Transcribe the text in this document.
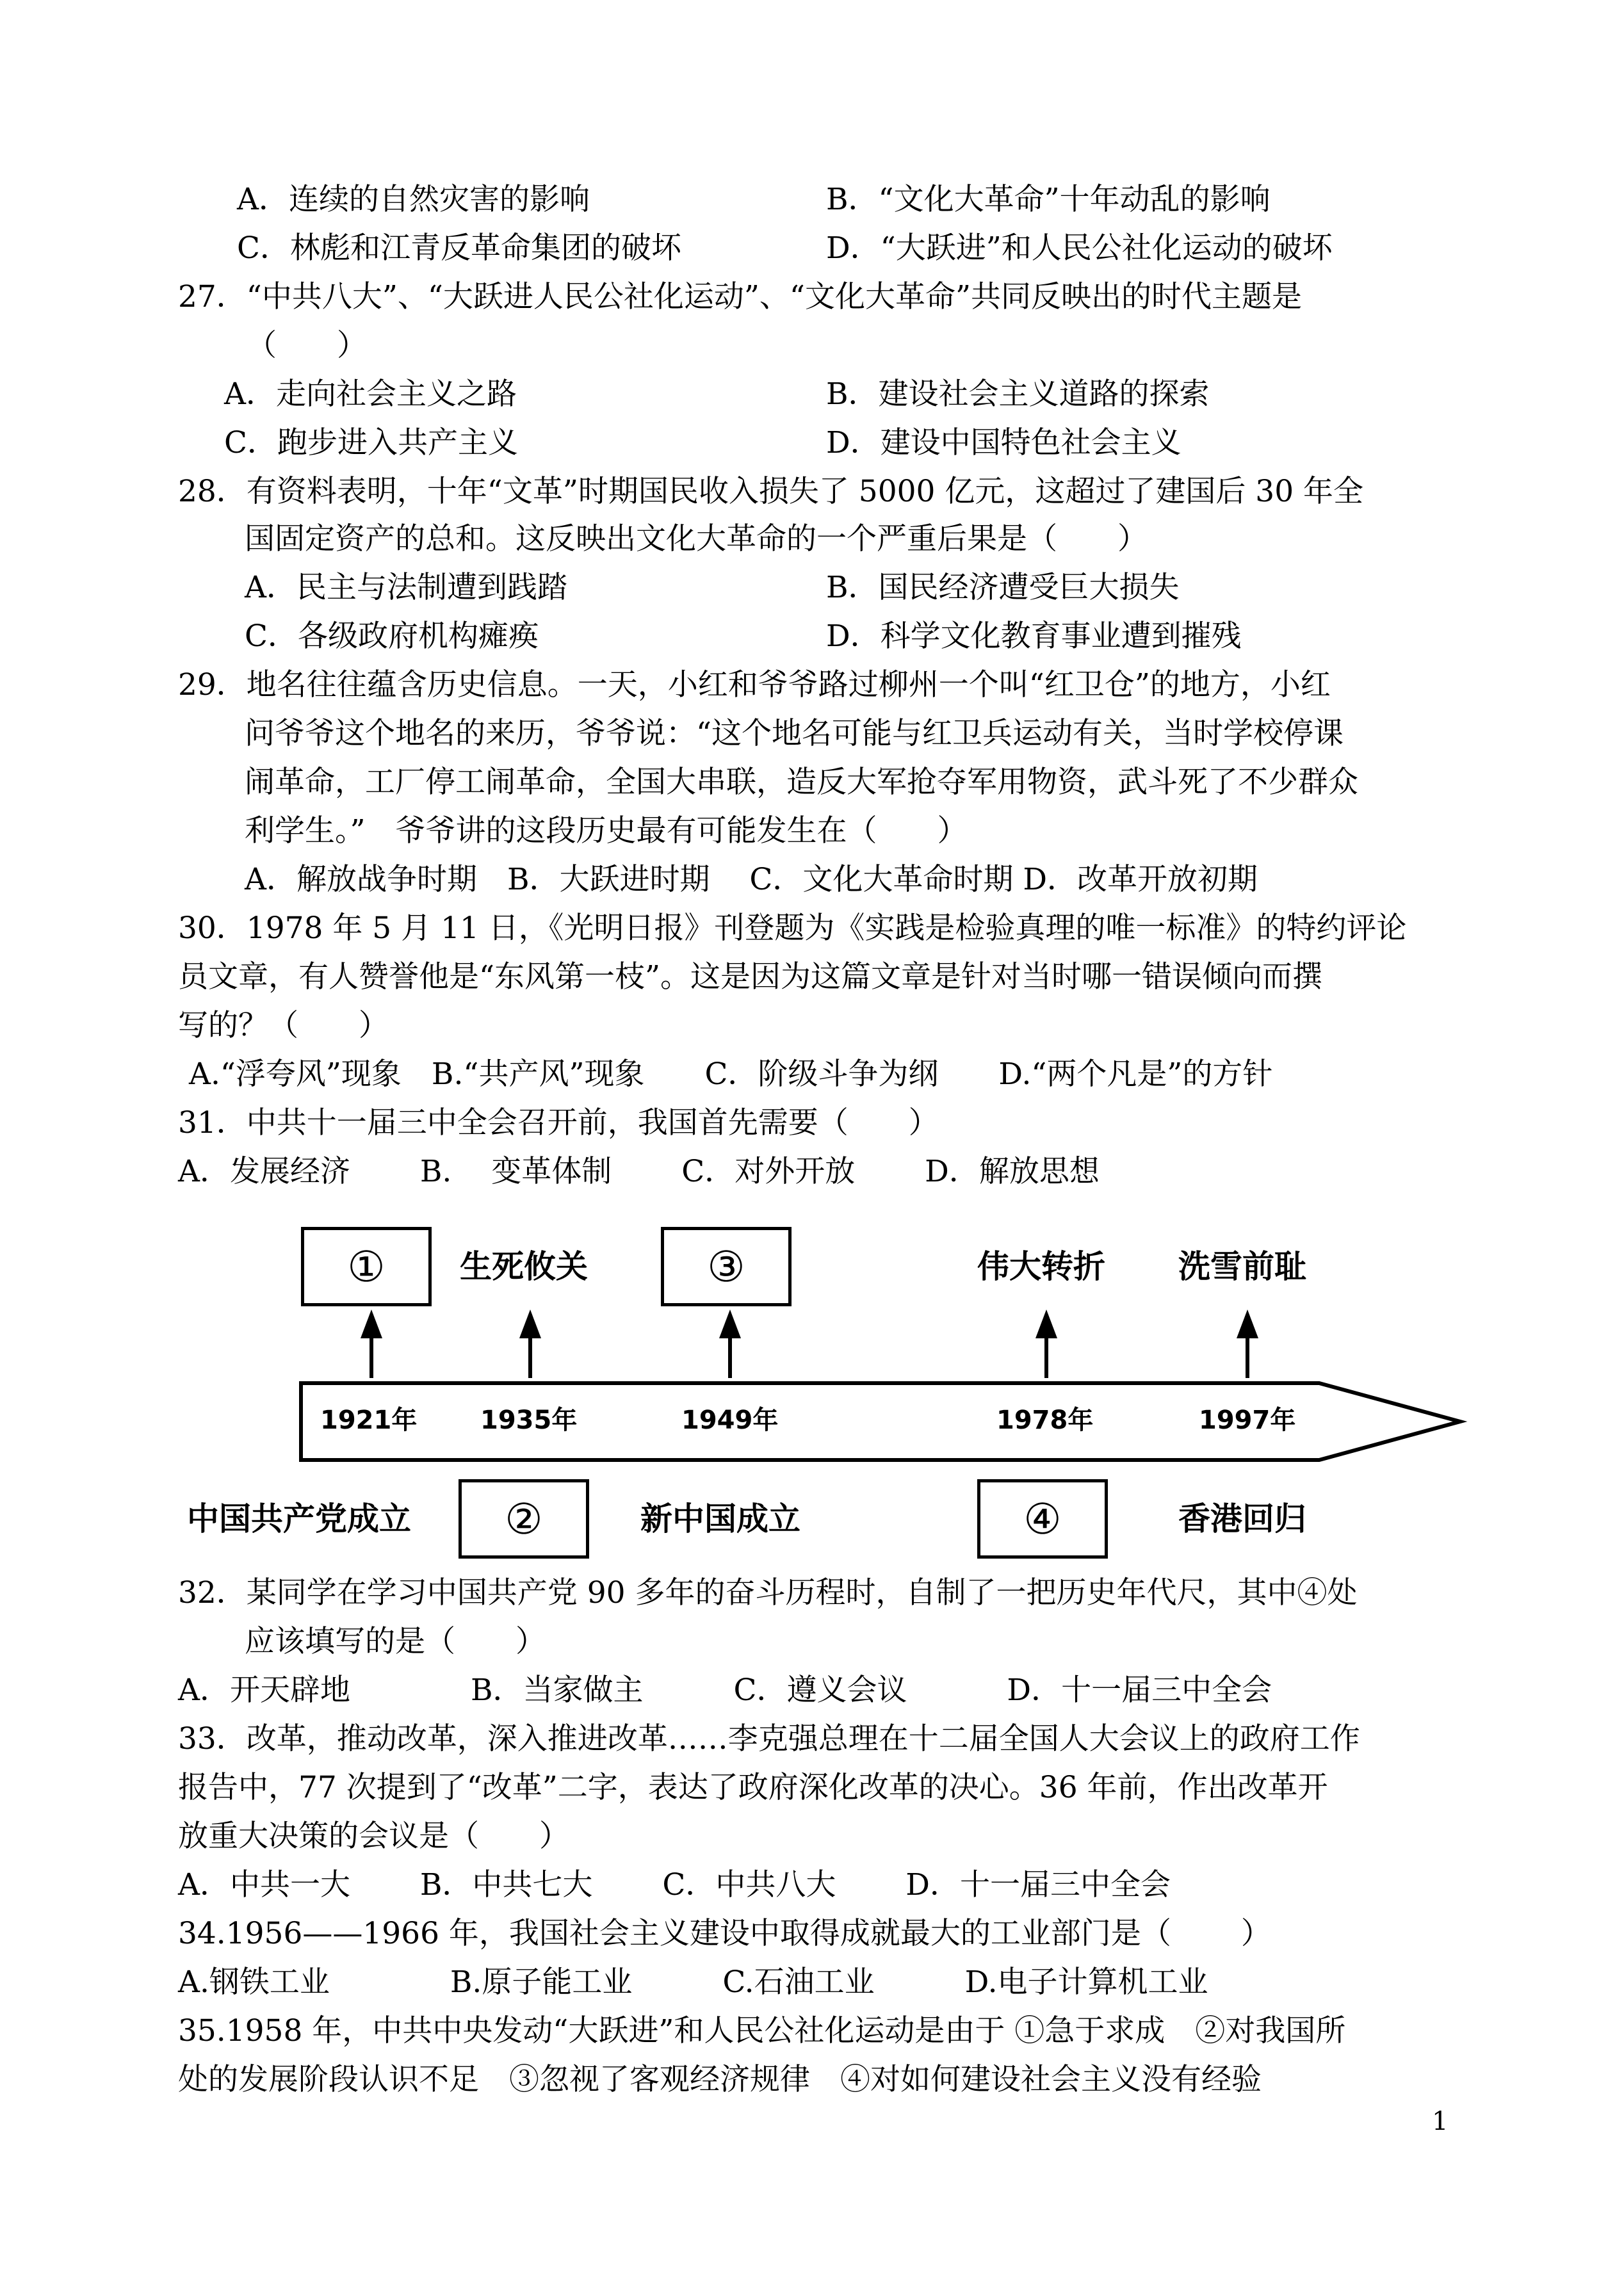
A．连续的自然灾害的影响	B．“文化大革命”十年动乱的影响
C．林彪和江青反革命集团的破坏	D．“大跃进”和人民公社化运动的破坏
27．“中共八大”、“大跃进人民公社化运动”、“文化大革命”共同反映出的时代主题是
（　　）
A．走向社会主义之路	B．建设社会主义道路的探索
C．跑步进入共产主义	D．建设中国特色社会主义
28．有资料表明，十年“文革”时期国民收入损失了 5000 亿元，这超过了建国后 30 年全
国固定资产的总和。这反映出文化大革命的一个严重后果是（　　）
A．民主与法制遭到践踏	B．国民经济遭受巨大损失
C．各级政府机构瘫痪	D．科学文化教育事业遭到摧残
29．地名往往蕴含历史信息。一天，小红和爷爷路过柳州一个叫“红卫仓”的地方，小红
问爷爷这个地名的来历，爷爷说：“这个地名可能与红卫兵运动有关，当时学校停课
闹革命，工厂停工闹革命，全国大串联，造反大军抢夺军用物资，武斗死了不少群众
利学生。”　爷爷讲的这段历史最有可能发生在（　　）
A．解放战争时期　B．大跃进时期　 C．文化大革命时期 D．改革开放初期
30．1978 年 5 月 11 日，《光明日报》刊登题为《实践是检验真理的唯一标准》的特约评论
员文章，有人赞誉他是“东风第一枝”。这是因为这篇文章是针对当时哪一错误倾向而撰
写的？（　　）
A.“浮夸风”现象　B.“共产风”现象　　C．阶级斗争为纲　　D.“两个凡是”的方针
31．中共十一届三中全会召开前，我国首先需要（　　）
A．发展经济　　 B.　 变革体制　　 C．对外开放　　 D．解放思想
①	③
②	④
生死攸关	伟大转折 洗雪前耻
1921年 1935年	1949年	1978年	1997年
中国共产党成立	新中国成立	香港回归
32．某同学在学习中国共产党 90 多年的奋斗历程时，自制了一把历史年代尺，其中④处
应该填写的是（　　）
A．开天辟地　　　　B．当家做主　　　C．遵义会议　　　 D．十一届三中全会
33．改革，推动改革，深入推进改革……李克强总理在十二届全国人大会议上的政府工作
报告中，77 次提到了“改革”二字，表达了政府深化改革的决心。36 年前，作出改革开
放重大决策的会议是（　　）
A．中共一大　　 B．中共七大　　 C．中共八大　　 D．十一届三中全会
34.1956——1966 年，我国社会主义建设中取得成就最大的工业部门是（　　 ）
A.钢铁工业　　　　B.原子能工业　　　C.石油工业　　　D.电子计算机工业
35.1958 年，中共中央发动“大跃进”和人民公社化运动是由于 ①急于求成　②对我国所
处的发展阶段认识不足　③忽视了客观经济规律　④对如何建设社会主义没有经验
1
